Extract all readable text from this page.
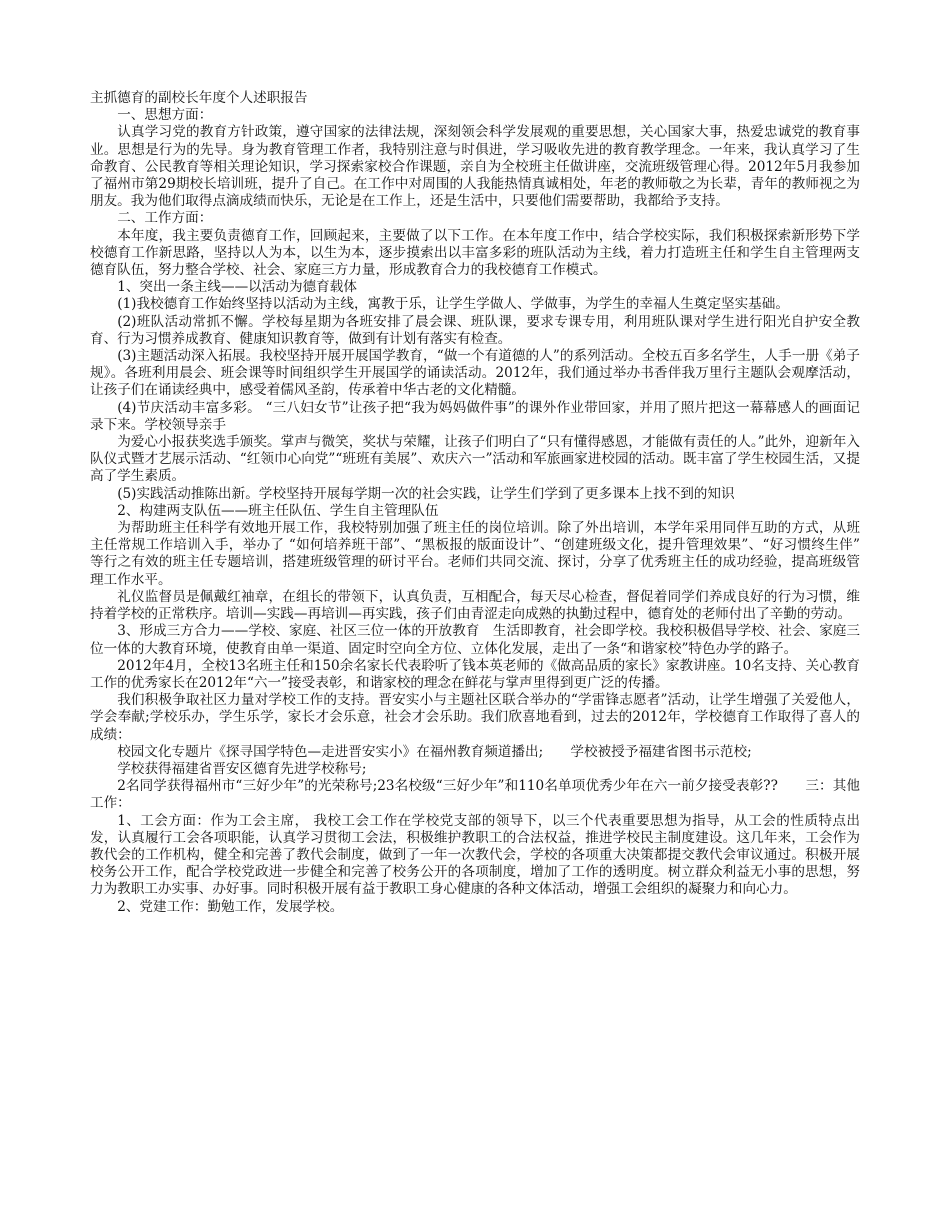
主抓德育的副校长年度个人述职报告
一、思想方面：

认真学习党的教育方针政策，遵守国家的法律法规，深刻领会科学发展观的重要思想，关心国家大事，热爱忠诚党的教育事业。思想是行为的先导。身为教育管理工作者，我特别注意与时俱进，学习吸收先进的教育教学理念。一年来，我认真学习了生命教育、公民教育等相关理论知识，学习探索家校合作课题，亲自为全校班主任做讲座，交流班级管理心得。2012年5月我参加了福州市第29期校长培训班，提升了自己。在工作中对周围的人我能热情真诚相处，年老的教师敬之为长辈，青年的教师视之为朋友。我为他们取得点滴成绩而快乐，无论是在工作上，还是生活中，只要他们需要帮助，我都给予支持。

二、工作方面：

本年度，我主要负责德育工作，回顾起来，主要做了以下工作。在本年度工作中，结合学校实际，我们积极探索新形势下学校德育工作新思路，坚持以人为本，以生为本，逐步摸索出以丰富多彩的班队活动为主线，着力打造班主任和学生自主管理两支德育队伍，努力整合学校、社会、家庭三方力量，形成教育合力的我校德育工作模式。

1、突出一条主线——以活动为德育载体

(1)我校德育工作始终坚持以活动为主线，寓教于乐，让学生学做人、学做事，为学生的幸福人生奠定坚实基础。

(2)班队活动常抓不懈。学校每星期为各班安排了晨会课、班队课，要求专课专用，利用班队课对学生进行阳光自护安全教育、行为习惯养成教育、健康知识教育等，做到有计划有落实有检查。

(3)主题活动深入拓展。我校坚持开展开展国学教育，“做一个有道德的人”的系列活动。全校五百多名学生，人手一册《弟子规》。各班利用晨会、班会课等时间组织学生开展国学的诵读活动。2012年，我们通过举办书香伴我万里行主题队会观摩活动，让孩子们在诵读经典中，感受着儒风圣韵，传承着中华古老的文化精髓。

(4)节庆活动丰富多彩。 “三八妇女节”让孩子把“我为妈妈做件事”的课外作业带回家，并用了照片把这一幕幕感人的画面记录下来。学校领导亲手

为爱心小报获奖选手颁奖。掌声与微笑，奖状与荣耀，让孩子们明白了“只有懂得感恩，才能做有责任的人。”此外，迎新年入队仪式暨才艺展示活动、“红领巾心向党”“班班有美展”、欢庆六一”活动和军旅画家进校园的活动。既丰富了学生校园生活，又提高了学生素质。

(5)实践活动推陈出新。学校坚持开展每学期一次的社会实践，让学生们学到了更多课本上找不到的知识

2、构建两支队伍——班主任队伍、学生自主管理队伍

为帮助班主任科学有效地开展工作，我校特别加强了班主任的岗位培训。除了外出培训，本学年采用同伴互助的方式，从班主任常规工作培训入手，举办了 “如何培养班干部”、“黑板报的版面设计”、“创建班级文化，提升管理效果”、“好习惯终生伴” 等行之有效的班主任专题培训，搭建班级管理的研讨平台。老师们共同交流、探讨，分享了优秀班主任的成功经验，提高班级管理工作水平。

礼仪监督员是佩戴红袖章，在组长的带领下，认真负责，互相配合，每天尽心检查，督促着同学们养成良好的行为习惯，维持着学校的正常秩序。培训—实践—再培训—再实践，孩子们由青涩走向成熟的执勤过程中，德育处的老师付出了辛勤的劳动。

3、形成三方合力——学校、家庭、社区三位一体的开放教育　生活即教育，社会即学校。我校积极倡导学校、社会、家庭三位一体的大教育环境，使教育由单一渠道、固定时空向全方位、立体化发展，走出了一条“和谐家校”特色办学的路子。

2012年4月，全校13名班主任和150余名家长代表聆听了钱本英老师的《做高品质的家长》家教讲座。10名支持、关心教育工作的优秀家长在2012年“六一”接受表彰，和谐家校的理念在鲜花与掌声里得到更广泛的传播。

我们积极争取社区力量对学校工作的支持。晋安实小与主题社区联合举办的“学雷锋志愿者”活动，让学生增强了关爱他人，学会奉献;学校乐办，学生乐学，家长才会乐意，社会才会乐助。我们欣喜地看到，过去的2012年，学校德育工作取得了喜人的成绩：

校园文化专题片《探寻国学特色—走进晋安实小》在福州教育频道播出;　　学校被授予福建省图书示范校;

学校获得福建省晋安区德育先进学校称号;

2名同学获得福州市“三好少年”的光荣称号;23名校级“三好少年”和110名单项优秀少年在六一前夕接受表彰??　　三：其他工作：

1、工会方面：作为工会主席， 我校工会工作在学校党支部的领导下，以三个代表重要思想为指导，从工会的性质特点出发，认真履行工会各项职能，认真学习贯彻工会法，积极维护教职工的合法权益，推进学校民主制度建设。这几年来，工会作为教代会的工作机构，健全和完善了教代会制度，做到了一年一次教代会，学校的各项重大决策都提交教代会审议通过。积极开展校务公开工作，配合学校党政进一步健全和完善了校务公开的各项制度，增加了工作的透明度。树立群众利益无小事的思想，努力为教职工办实事、办好事。同时积极开展有益于教职工身心健康的各种文体活动，增强工会组织的凝聚力和向心力。

2、党建工作：勤勉工作，发展学校。
